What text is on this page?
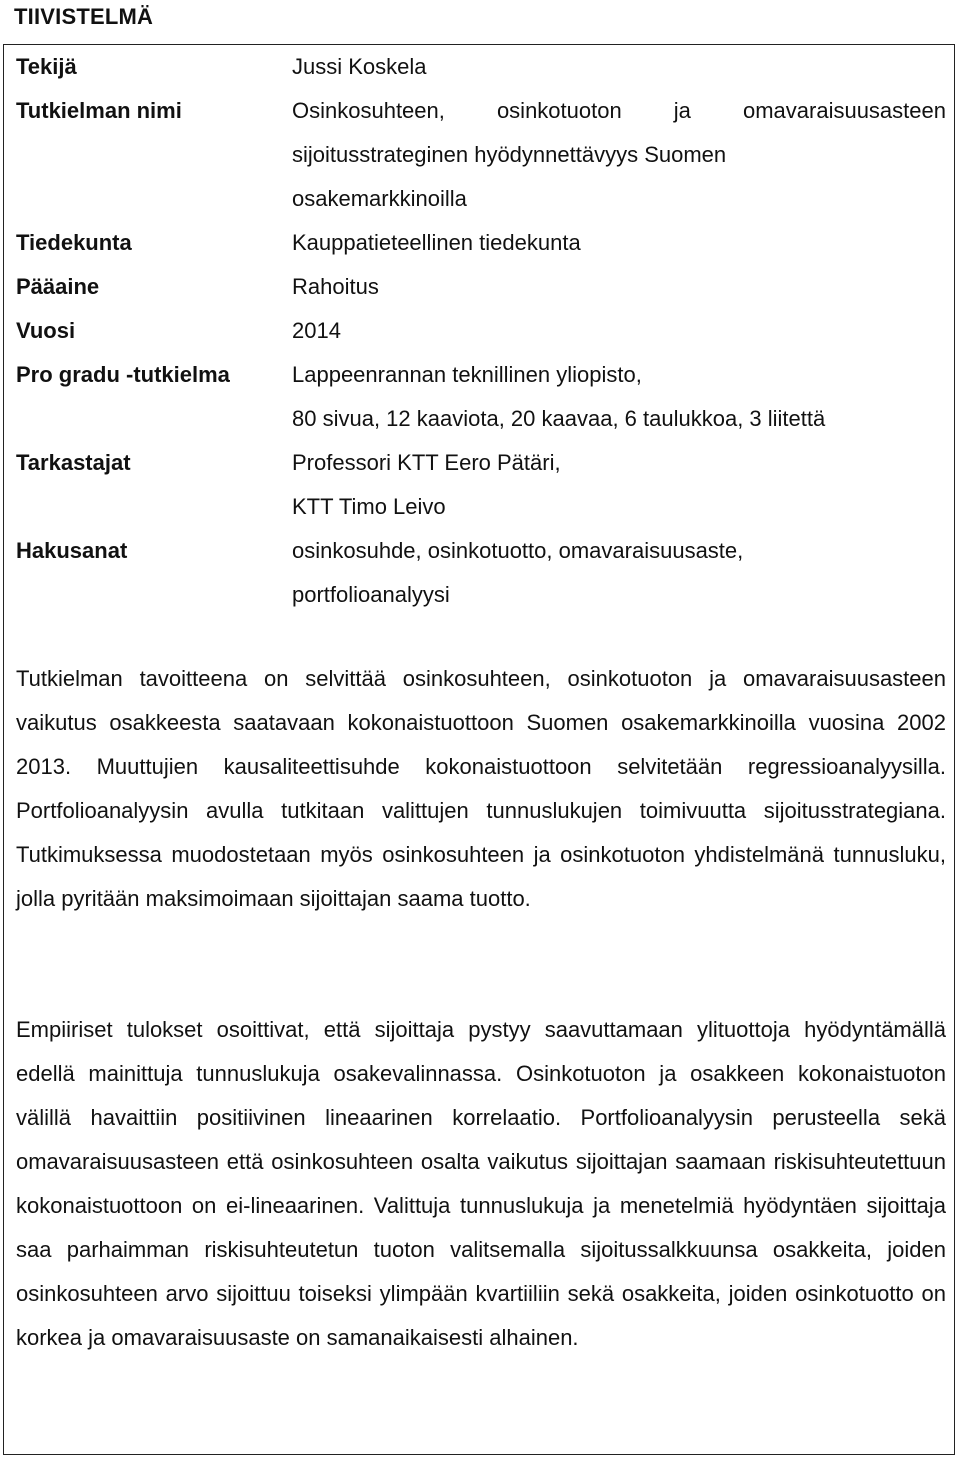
TIIVISTELMÄ
Tekijä	Jussi Koskela
Tutkielman nimi	Osinkosuhteen, osinkotuoton ja omavaraisuusasteen
sijoitusstrateginen hyödynnettävyys Suomen
osakemarkkinoilla
Tiedekunta	Kauppatieteellinen tiedekunta
Pääaine	Rahoitus
Vuosi	2014
Pro gradu -tutkielma	Lappeenrannan teknillinen yliopisto,
80 sivua, 12 kaaviota, 20 kaavaa, 6 taulukkoa, 3 liitettä
Tarkastajat	Professori KTT Eero Pätäri,
KTT Timo Leivo
Hakusanat	osinkosuhde, osinkotuotto, omavaraisuusaste,
portfolioanalyysi

Tutkielman tavoitteena on selvittää osinkosuhteen, osinkotuoton ja omavaraisuusasteen vaikutus osakkeesta saatavaan kokonaistuottoon Suomen osakemarkkinoilla vuosina 2002 2013. Muuttujien kausaliteettisuhde kokonaistuottoon selvitetään regressioanalyysilla. Portfolioanalyysin avulla tutkitaan valittujen tunnuslukujen toimivuutta sijoitusstrategiana. Tutkimuksessa muodostetaan myös osinkosuhteen ja osinkotuoton yhdistelmänä tunnusluku, jolla pyritään maksimoimaan sijoittajan saama tuotto.

Empiiriset tulokset osoittivat, että sijoittaja pystyy saavuttamaan ylituottoja hyödyntämällä edellä mainittuja tunnuslukuja osakevalinnassa. Osinkotuoton ja osakkeen kokonaistuoton välillä havaittiin positiivinen lineaarinen korrelaatio. Portfolioanalyysin perusteella sekä omavaraisuusasteen että osinkosuhteen osalta vaikutus sijoittajan saamaan riskisuhteutettuun kokonaistuottoon on ei-lineaarinen. Valittuja tunnuslukuja ja menetelmiä hyödyntäen sijoittaja saa parhaimman riskisuhteutetun tuoton valitsemalla sijoitussalkkuunsa osakkeita, joiden osinkosuhteen arvo sijoittuu toiseksi ylimpään kvartiiliin sekä osakkeita, joiden osinkotuotto on korkea ja omavaraisuusaste on samanaikaisesti alhainen.
